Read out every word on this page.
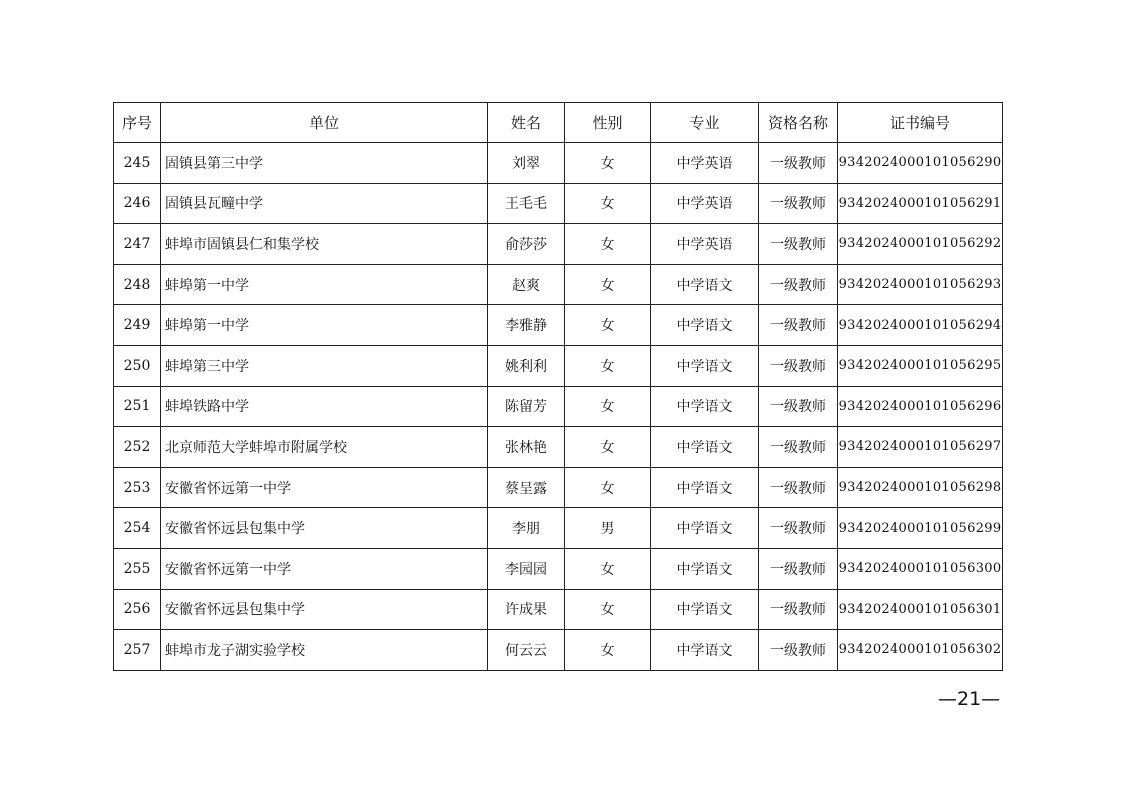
序号	单位	姓名	性别	专业	资格名称	证书编号
245	固镇县第三中学	刘翠	女	中学英语	一级教师	9342024000101056290
246	固镇县瓦疃中学	王毛毛	女	中学英语	一级教师	9342024000101056291
247	蚌埠市固镇县仁和集学校	俞莎莎	女	中学英语	一级教师	9342024000101056292
248	蚌埠第一中学	赵爽	女	中学语文	一级教师	9342024000101056293
249	蚌埠第一中学	李雅静	女	中学语文	一级教师	9342024000101056294
250	蚌埠第三中学	姚利利	女	中学语文	一级教师	9342024000101056295
251	蚌埠铁路中学	陈留芳	女	中学语文	一级教师	9342024000101056296
252	北京师范大学蚌埠市附属学校	张林艳	女	中学语文	一级教师	9342024000101056297
253	安徽省怀远第一中学	蔡呈露	女	中学语文	一级教师	9342024000101056298
254	安徽省怀远县包集中学	李朋	男	中学语文	一级教师	9342024000101056299
255	安徽省怀远第一中学	李园园	女	中学语文	一级教师	9342024000101056300
256	安徽省怀远县包集中学	许成果	女	中学语文	一级教师	9342024000101056301
257	蚌埠市龙子湖实验学校	何云云	女	中学语文	一级教师	9342024000101056302
—21—
